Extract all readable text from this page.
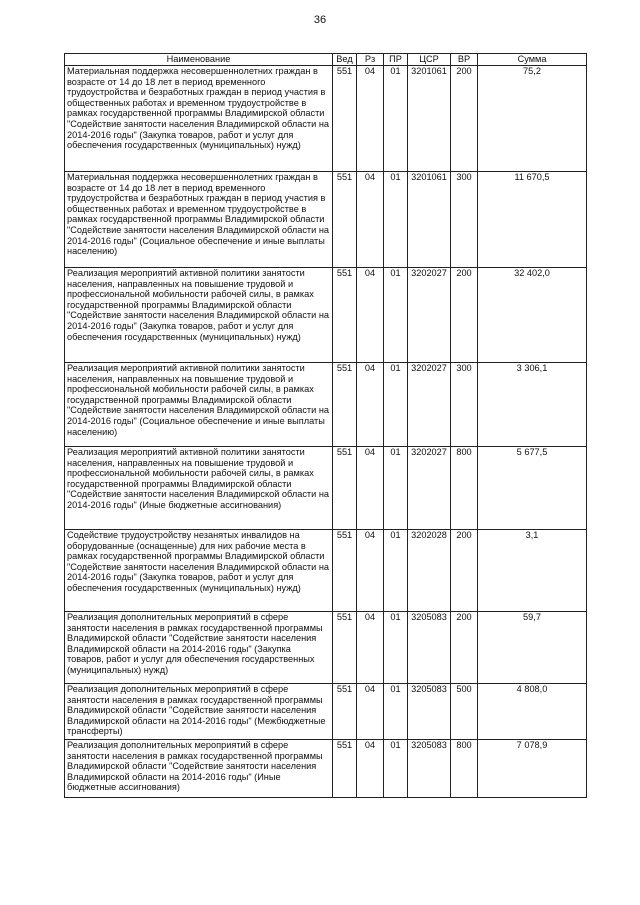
36
Наименование	Вед	Рз	ПР	ЦСР	ВР	Сумма
Материальная поддержка несовершеннолетних граждан в возрасте от 14 до 18 лет в период временного трудоустройства и безработных граждан в период участия в общественных работах и временном трудоустройстве в рамках государственной программы Владимирской области "Содействие занятости населения Владимирской области на 2014-2016 годы" (Закупка товаров, работ и услуг для обеспечения государственных (муниципальных) нужд)	551	04	01	3201061	200	75,2
Материальная поддержка несовершеннолетних граждан в возрасте от 14 до 18 лет в период временного трудоустройства и безработных граждан в период участия в общественных работах и временном трудоустройстве в рамках государственной программы Владимирской области "Содействие занятости населения Владимирской области на 2014-2016 годы" (Социальное обеспечение и иные выплаты населению)	551	04	01	3201061	300	11 670,5
Реализация мероприятий активной политики занятости населения, направленных на повышение трудовой и профессиональной мобильности рабочей силы, в рамках государственной программы Владимирской области "Содействие занятости населения Владимирской области на 2014-2016 годы" (Закупка товаров, работ и услуг для обеспечения государственных (муниципальных) нужд)	551	04	01	3202027	200	32 402,0
Реализация мероприятий активной политики занятости населения, направленных на повышение трудовой и профессиональной мобильности рабочей силы, в рамках государственной программы Владимирской области "Содействие занятости населения Владимирской области на 2014-2016 годы" (Социальное обеспечение и иные выплаты населению)	551	04	01	3202027	300	3 306,1
Реализация мероприятий активной политики занятости населения, направленных на повышение трудовой и профессиональной мобильности рабочей силы, в рамках государственной программы Владимирской области "Содействие занятости населения Владимирской области на 2014-2016 годы" (Иные бюджетные ассигнования)	551	04	01	3202027	800	5 677,5
Содействие трудоустройству незанятых инвалидов на оборудованные (оснащенные) для них рабочие места в рамках государственной программы Владимирской области "Содействие занятости населения Владимирской области на 2014-2016 годы" (Закупка товаров, работ и услуг для обеспечения государственных (муниципальных) нужд)	551	04	01	3202028	200	3,1
Реализация дополнительных мероприятий в сфере занятости населения в рамках государственной программы Владимирской области "Содействие занятости населения Владимирской области на 2014-2016 годы" (Закупка товаров, работ и услуг для обеспечения государственных (муниципальных) нужд)	551	04	01	3205083	200	59,7
Реализация дополнительных мероприятий в сфере занятости населения в рамках государственной программы Владимирской области "Содействие занятости населения Владимирской области на 2014-2016 годы" (Межбюджетные трансферты)	551	04	01	3205083	500	4 808,0
Реализация дополнительных мероприятий в сфере занятости населения в рамках государственной программы Владимирской области "Содействие занятости населения Владимирской области на 2014-2016 годы" (Иные бюджетные ассигнования)	551	04	01	3205083	800	7 078,9
